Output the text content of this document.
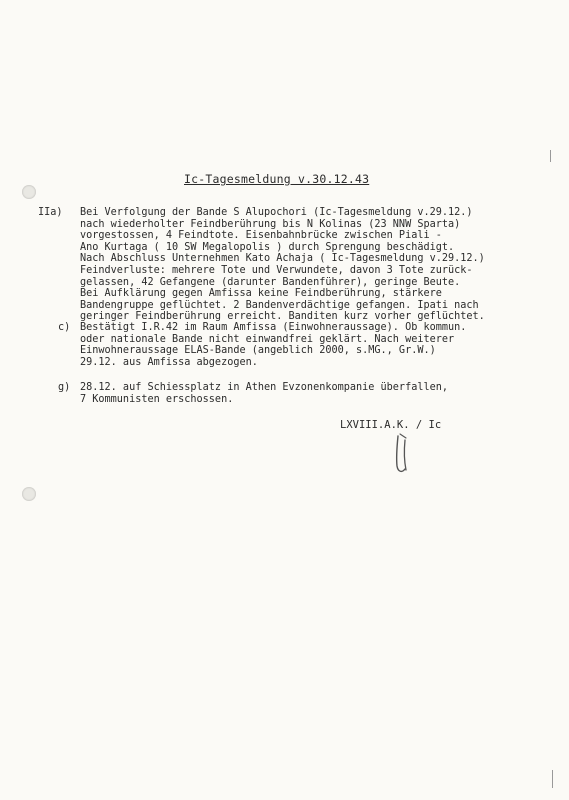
Ic-Tagesmeldung v.30.12.43
IIa) Bei Verfolgung der Bande S Alupochori (Ic-Tagesmeldung v.29.12.)
nach wiederholter Feindberührung bis N Kolinas (23 NNW Sparta)
vorgestossen, 4 Feindtote. Eisenbahnbrücke zwischen Piali -
Ano Kurtaga ( 10 SW Megalopolis ) durch Sprengung beschädigt.
Nach Abschluss Unternehmen Kato Achaja ( Ic-Tagesmeldung v.29.12.)
Feindverluste: mehrere Tote und Verwundete, davon 3 Tote zurück-
gelassen, 42 Gefangene (darunter Bandenführer), geringe Beute.
Bei Aufklärung gegen Amfissa keine Feindberührung, stärkere
Bandengruppe geflüchtet. 2 Bandenverdächtige gefangen. Ipati nach
geringer Feindberührung erreicht. Banditen kurz vorher geflüchtet.
c) Bestätigt I.R.42 im Raum Amfissa (Einwohneraussage). Ob kommun.
oder nationale Bande nicht einwandfrei geklärt. Nach weiterer
Einwohneraussage ELAS-Bande (angeblich 2000, s.MG., Gr.W.)
29.12. aus Amfissa abgezogen.
g) 28.12. auf Schiessplatz in Athen Evzonenkompanie überfallen,
7 Kommunisten erschossen.
LXVIII.A.K. / Ic
